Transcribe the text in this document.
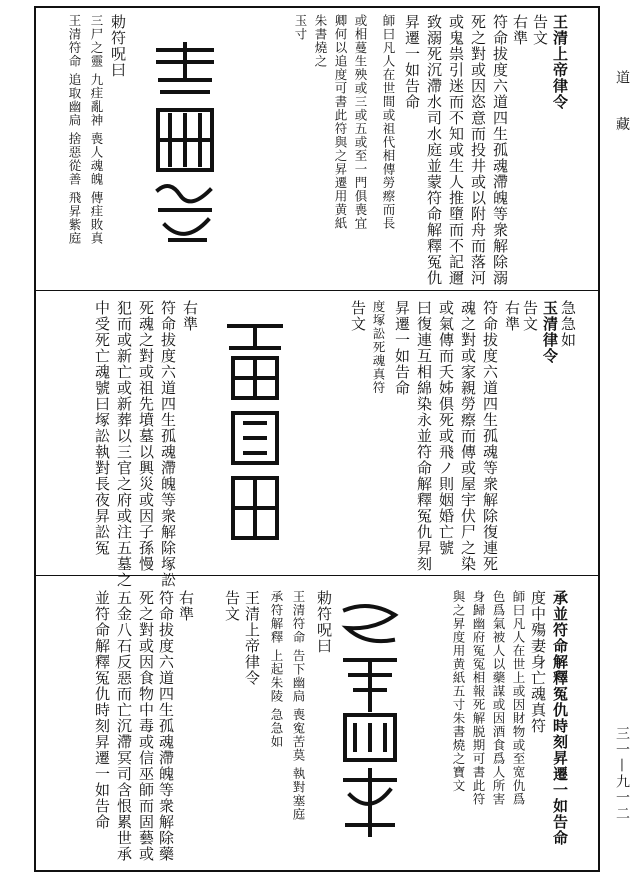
道 藏
三一—九一二
王清上帝律令
告文
右準
符命拔度六道四生孤魂滯魄等衆解除溺
死之對或因恣意而投井或以附舟而落河
或鬼祟引迷而不知或生人推墮而不記邇
致溺死沉滯水司水庭並蒙符命解釋冤仇
昇遷一如告命
師曰凡人在世間或祖代相傳勞瘵而長
或相蔓生殃或三或五或至一門俱喪宜
卿何以追度可書此符與之昇遷用黄紙
朱書燒之
玉寸
勅符呪曰
三尸之靈 九疰亂神 喪人魂魄 傳疰敗真
王清符命 追取幽扃 捨惡從善 飛昇紫庭
急急如
玉清律令
告文
右準
符命拔度六道四生孤魂等衆解除復連死
魂之對或家親勞瘵而傳或屋宇伏尸之染
或氣傳而夭姊俱死或飛ノ則姻婚亡號
曰復連互相綿染永並符命解釋冤仇昇刻
昇遷一如告命
度塚訟死魂真符
告文
右準
符命拔度六道四生孤魂滯魄等衆解除塚訟
死魂之對或祖先墳墓以興災或因子孫慢
犯而或新亡或新葬以三官之府或注五墓之
中受死亡魂號曰塚訟執對長夜昇訟冤
承並符命解釋冤仇時刻昇遷一如告命
度中殤妻身亡魂真符
師曰凡人在世上或因財物或至宽仇爲
色爲氣被人以藥謀或因酒食爲人所害
身歸幽府冤冤相報死解脱期可書此符
與之昇度用黄紙五寸朱書燒之寶文
勅符呪曰
王清符命 告下幽扃 喪寃苦莫 執對塞庭
承符解釋 上起朱陵 急急如
王清上帝律令
告文
右準
符命拔度六道四生孤魂滯魄等衆解除藥
死之對或因食物中毒或信巫師而固藝或
五金八石反惡而亡沉滯冥司含恨累世承
並符命解釋冤仇時刻昇遷一如告命
